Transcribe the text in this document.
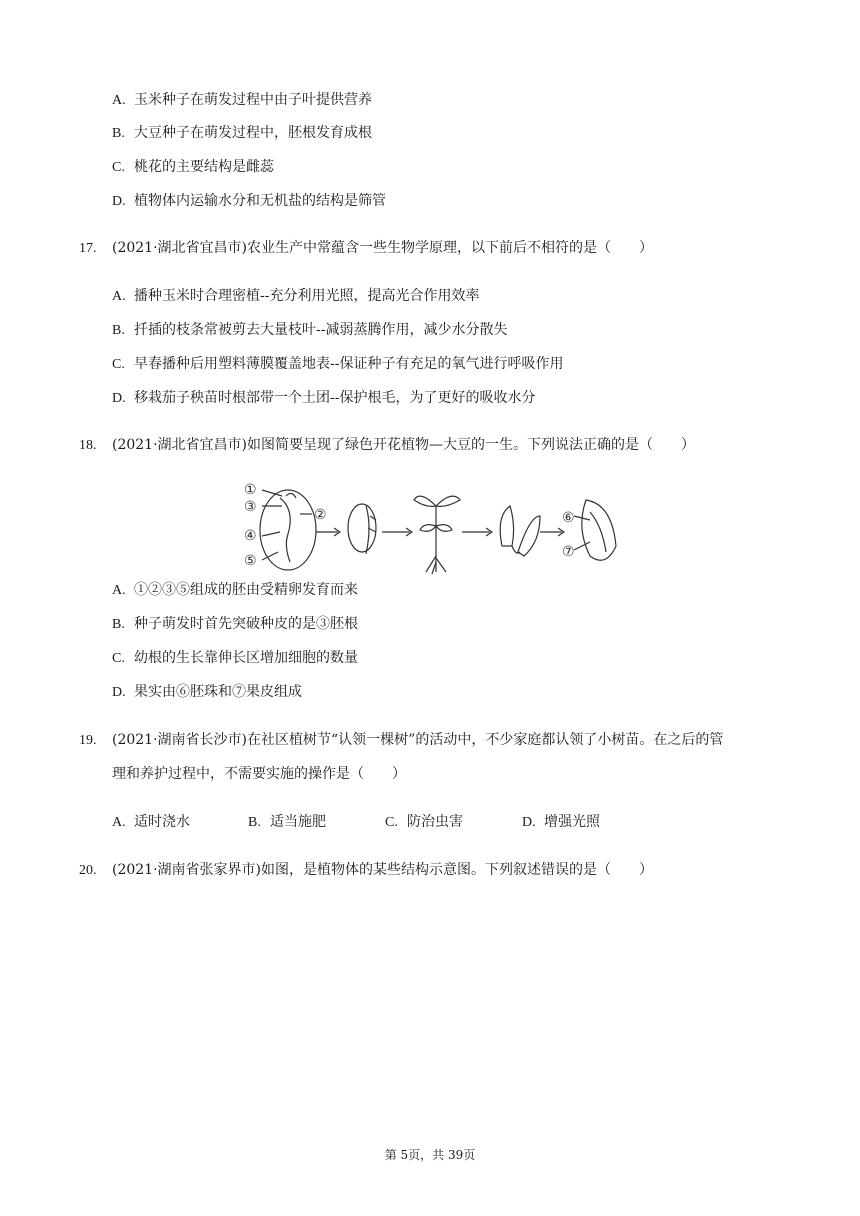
A. 玉米种子在萌发过程中由子叶提供营养
B. 大豆种子在萌发过程中，胚根发育成根
C. 桃花的主要结构是雌蕊
D. 植物体内运输水分和无机盐的结构是筛管
17. (2021·湖北省宜昌市)农业生产中常蕴含一些生物学原理，以下前后不相符的是（　　）
A. 播种玉米时合理密植--充分利用光照，提高光合作用效率
B. 扦插的枝条常被剪去大量枝叶--减弱蒸腾作用，减少水分散失
C. 早春播种后用塑料薄膜覆盖地表--保证种子有充足的氧气进行呼吸作用
D. 移栽茄子秧苗时根部带一个土团--保护根毛，为了更好的吸收水分
18. (2021·湖北省宜昌市)如图简要呈现了绿色开花植物—大豆的一生。下列说法正确的是（　　）
①
③
④
⑤
②	⑥
⑦
A. ①②③⑤组成的胚由受精卵发育而来
B. 种子萌发时首先突破种皮的是③胚根
C. 幼根的生长靠伸长区增加细胞的数量
D. 果实由⑥胚珠和⑦果皮组成
19. (2021·湖南省长沙市)在社区植树节“认领一棵树”的活动中，不少家庭都认领了小树苗。在之后的管
理和养护过程中，不需要实施的操作是（　　）
A. 适时浇水	B. 适当施肥	C. 防治虫害	D. 增强光照
20. (2021·湖南省张家界市)如图，是植物体的某些结构示意图。下列叙述错误的是（　　）
第 5页，共 39页
